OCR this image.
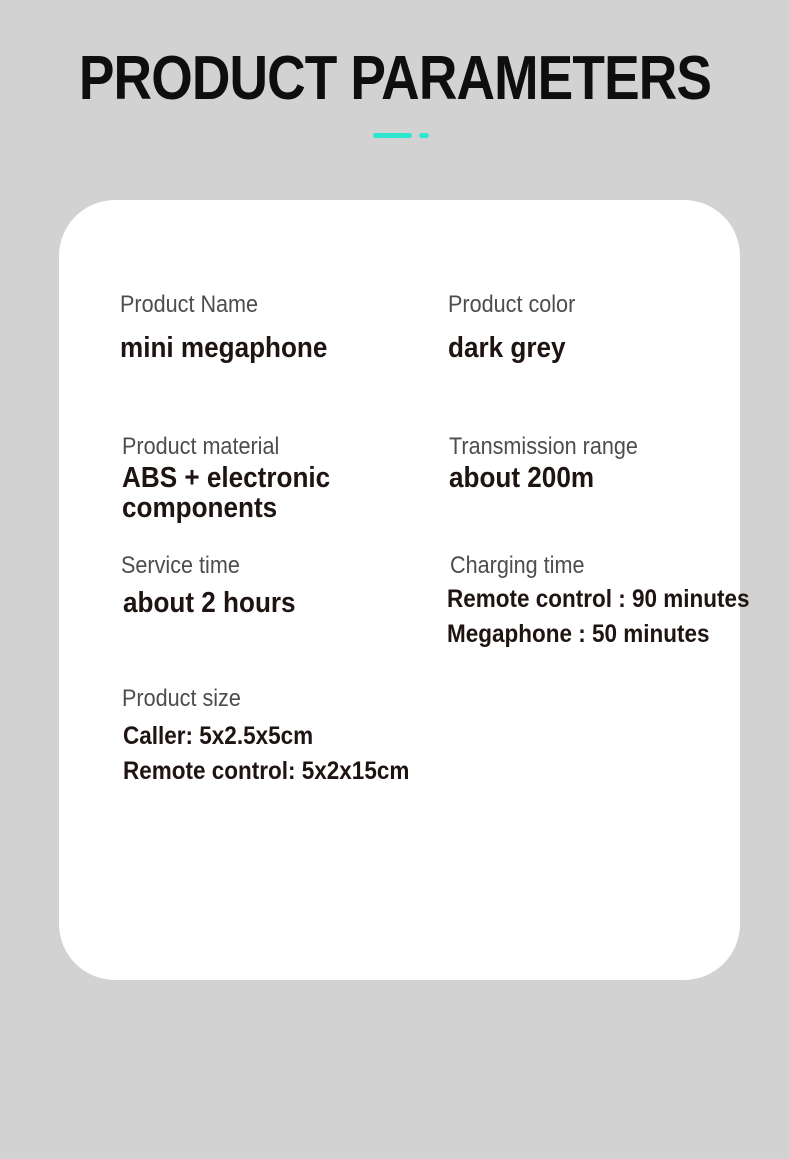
PRODUCT PARAMETERS
Product Name
mini megaphone
Product color
dark grey
Product material
ABS + electronic components
Transmission range
about 200m
Service time
about 2 hours
Charging time
Remote control : 90 minutes
Megaphone : 50 minutes
Product size
Caller: 5x2.5x5cm
Remote control: 5x2x15cm
